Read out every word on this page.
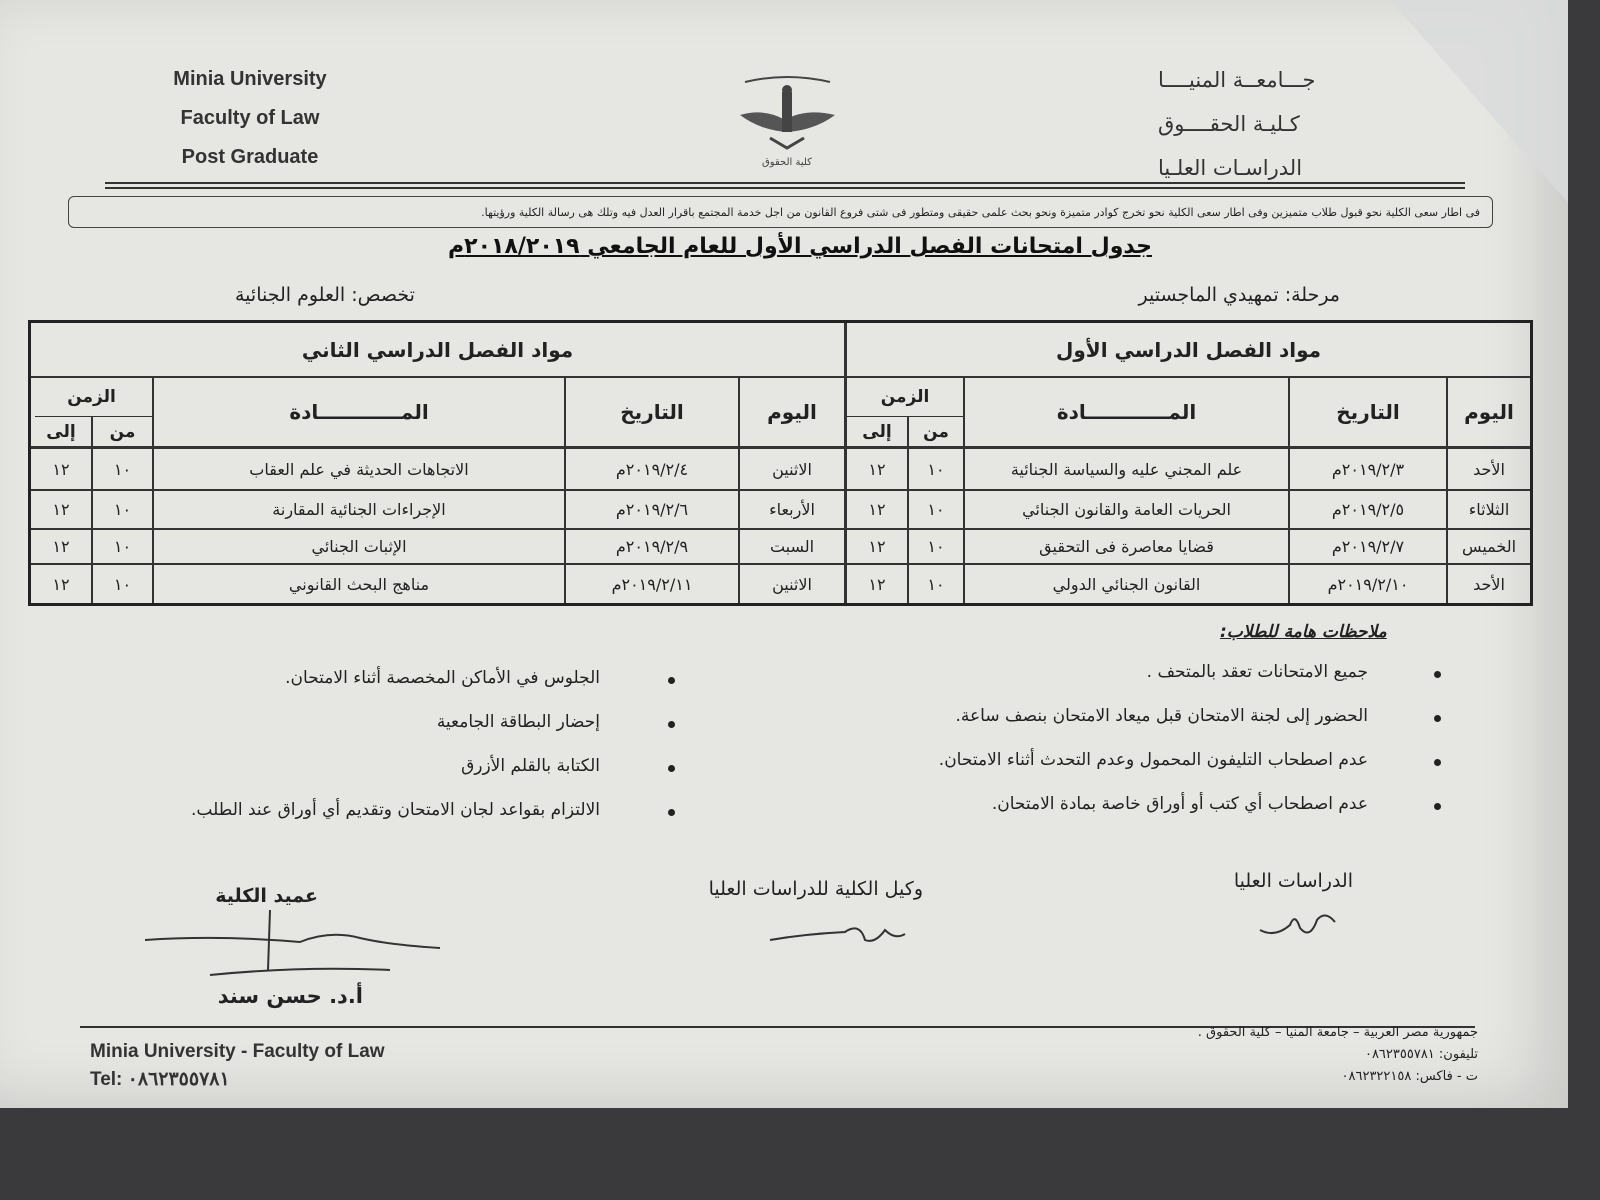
Minia University
Faculty of Law
Post Graduate	كلية الحقوق
جـــامعــة المنيــــا
كـليـة الحقــــوق
الدراسـات العلـيا
فى اطار سعى الكلية نحو قبول طلاب متميزين وفى اطار سعى الكلية نحو تخرج كوادر متميزة ونحو بحث علمى حقيقى ومتطور فى شتى فروع القانون من اجل خدمة المجتمع باقرار العدل فيه وتلك هى رسالة الكلية ورؤيتها.
جدول امتحانات الفصل الدراسي الأول للعام الجامعي ٢٠١٨/٢٠١٩م
مرحلة: تمهيدي الماجستير
تخصص: العلوم الجنائية
مواد الفصل الدراسي الأول
مواد الفصل الدراسي الثاني
اليوم
التاريخ
المــــــــــــادة
الزمن
من
إلى
اليوم
التاريخ
المــــــــــــادة
الزمن
من
إلى
الأحد
٢٠١٩/٢/٣م
علم المجني عليه والسياسة الجنائية
١٠
١٢
الثلاثاء
٢٠١٩/٢/٥م
الحريات العامة والقانون الجنائي
١٠
١٢
الخميس
٢٠١٩/٢/٧م
قضايا معاصرة فى التحقيق
١٠
١٢
الأحد
٢٠١٩/٢/١٠م
القانون الجنائي الدولي
١٠
١٢
الاثنين
٢٠١٩/٢/٤م
الاتجاهات الحديثة في علم العقاب
١٠
١٢
الأربعاء
٢٠١٩/٢/٦م
الإجراءات الجنائية المقارنة
١٠
١٢
السبت
٢٠١٩/٢/٩م
الإثبات الجنائي
١٠
١٢
الاثنين
٢٠١٩/٢/١١م
مناهج البحث القانوني
١٠
١٢
ملاحظات هامة للطلاب:
جميع الامتحانات تعقد بالمتحف .
الحضور إلى لجنة الامتحان قبل ميعاد الامتحان بنصف ساعة.
عدم اصطحاب التليفون المحمول وعدم التحدث أثناء الامتحان.
عدم اصطحاب أي كتب أو أوراق خاصة بمادة الامتحان.
الجلوس في الأماكن المخصصة أثناء الامتحان.
إحضار البطاقة الجامعية
الكتابة بالقلم الأزرق
الالتزام بقواعد لجان الامتحان وتقديم أي أوراق عند الطلب.
الدراسات العليا
وكيل الكلية للدراسات العليا
عميد الكلية
أ.د. حسن سند
Minia University - Faculty of Law
Tel: ٠٨٦٢٣٥٥٧٨١
جمهورية مصر العربية – جامعة المنيا – كلية الحقوق .
تليفون: ٠٨٦٢٣٥٥٧٨١
ت - فاكس: ٠٨٦٢٣٢٢١٥٨
